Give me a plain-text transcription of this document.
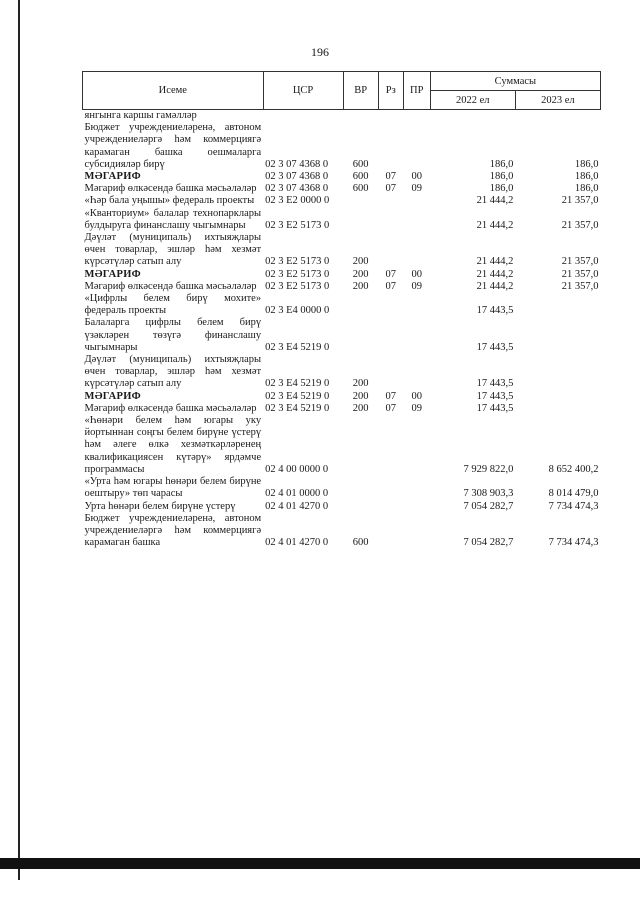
196
Исеме	ЦСР	ВР	Рз	ПР	Суммасы	
					2022 ел	2023 ел
янгынга каршы гамәлләр						
Бюджет учреждениеләренә, автоном учреждениеләргә һәм коммерциягә карамаган башка оешмаларга субсидияләр бирү	02 3 07 4368 0	600			186,0	186,0
МӘГАРИФ	02 3 07 4368 0	600	07	00	186,0	186,0
Мәгариф өлкәсендә башка мәсьәләләр	02 3 07 4368 0	600	07	09	186,0	186,0
«Һәр бала уңышы» федераль проекты	02 3 E2 0000 0				21 444,2	21 357,0
«Кванториум» балалар технопарклары булдыруга финанслашу чыгымнары	02 3 E2 5173 0				21 444,2	21 357,0
Дәүләт (муниципаль) ихтыяҗлары өчен товарлар, эшләр һәм хезмәт күрсәтүләр сатып алу	02 3 E2 5173 0	200			21 444,2	21 357,0
МӘГАРИФ	02 3 E2 5173 0	200	07	00	21 444,2	21 357,0
Мәгариф өлкәсендә башка мәсьәләләр	02 3 E2 5173 0	200	07	09	21 444,2	21 357,0
«Цифрлы белем бирү мохите» федераль проекты	02 3 E4 0000 0				17 443,5	
Балаларга цифрлы белем бирү үзәкләрен төзүгә финанслашу чыгымнары	02 3 E4 5219 0				17 443,5	
Дәүләт (муниципаль) ихтыяҗлары өчен товарлар, эшләр һәм хезмәт күрсәтүләр сатып алу	02 3 E4 5219 0	200			17 443,5	
МӘГАРИФ	02 3 E4 5219 0	200	07	00	17 443,5	
Мәгариф өлкәсендә башка мәсьәләләр	02 3 E4 5219 0	200	07	09	17 443,5	
«Һөнәри белем һәм югары уку йортыннан соңгы белем бирүне үстерү һәм әлеге өлкә хезмәткәрләренең квалификациясен күтәрү» ярдәмче программасы	02 4 00 0000 0				7 929 822,0	8 652 400,2
«Урта һәм югары һөнәри белем бирүне оештыру» төп чарасы	02 4 01 0000 0				7 308 903,3	8 014 479,0
Урта һөнәри белем бирүне үстерү	02 4 01 4270 0				7 054 282,7	7 734 474,3
Бюджет учреждениеләренә, автоном учреждениеләргә һәм коммерциягә карамаган башка	02 4 01 4270 0	600			7 054 282,7	7 734 474,3
